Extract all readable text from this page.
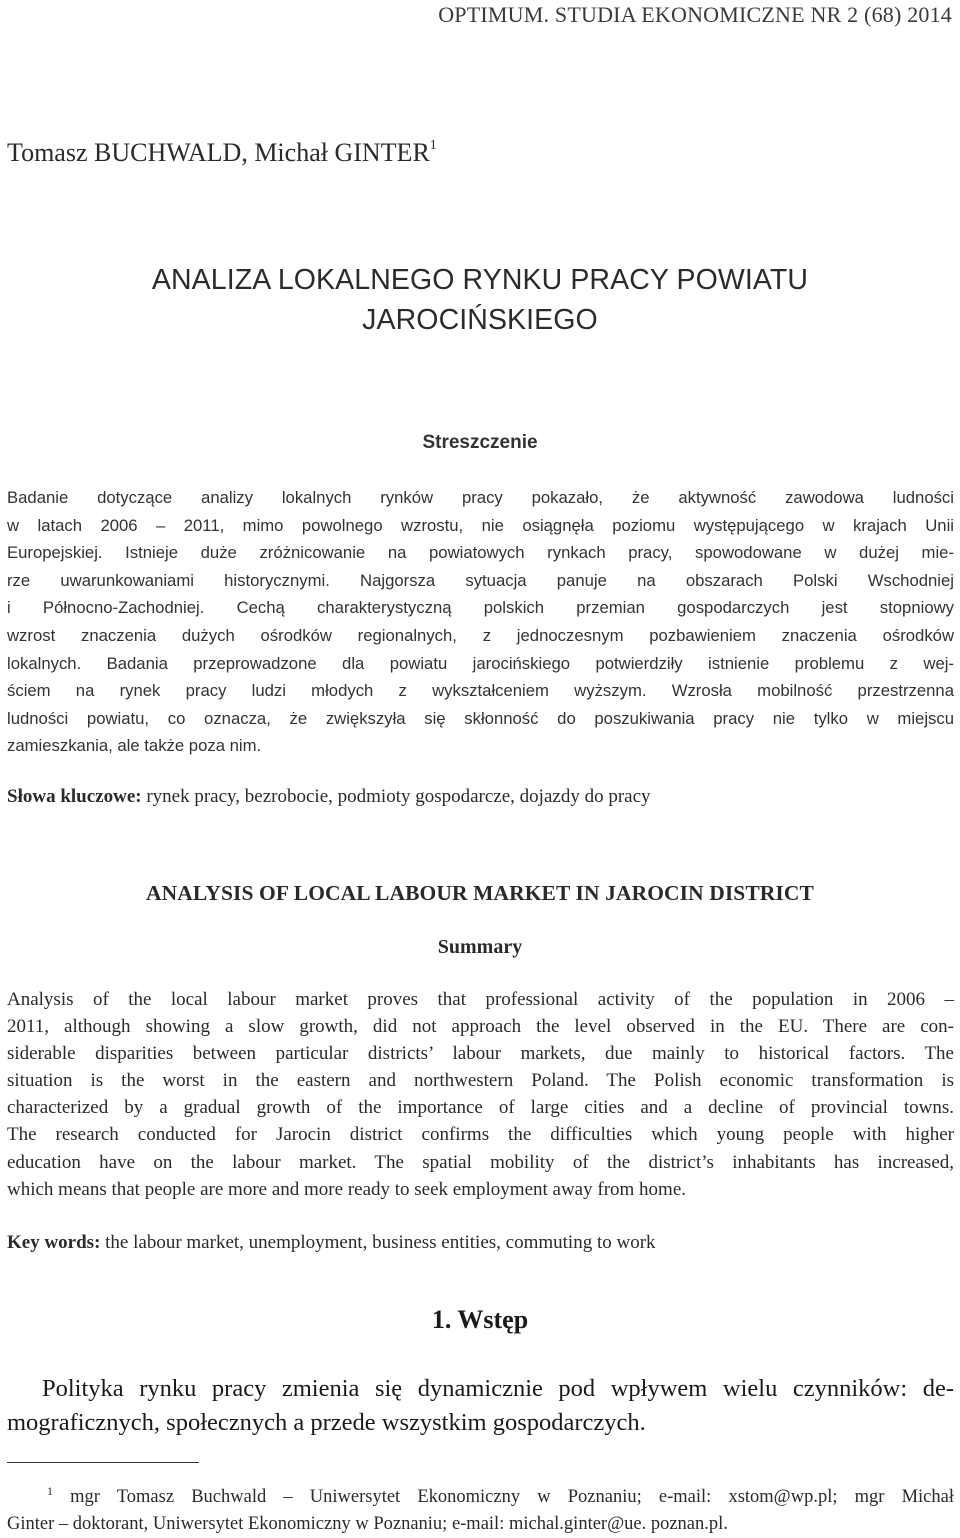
OPTIMUM. STUDIA EKONOMICZNE NR 2 (68) 2014
Tomasz BUCHWALD, Michał GINTER$^1$
ANALIZA LOKALNEGO RYNKU PRACY POWIATU
JAROCIŃSKIEGO
Streszczenie
Badanie dotyczące analizy lokalnych rynków pracy pokazało, że aktywność zawodowa ludności
w latach 2006 – 2011, mimo powolnego wzrostu, nie osiągnęła poziomu występującego w krajach Unii
Europejskiej. Istnieje duże zróżnicowanie na powiatowych rynkach pracy, spowodowane w dużej mie-
rze uwarunkowaniami historycznymi. Najgorsza sytuacja panuje na obszarach Polski Wschodniej
i Północno-Zachodniej. Cechą charakterystyczną polskich przemian gospodarczych jest stopniowy
wzrost znaczenia dużych ośrodków regionalnych, z jednoczesnym pozbawieniem znaczenia ośrodków
lokalnych. Badania przeprowadzone dla powiatu jarocińskiego potwierdziły istnienie problemu z wej-
ściem na rynek pracy ludzi młodych z wykształceniem wyższym. Wzrosła mobilność przestrzenna
ludności powiatu, co oznacza, że zwiększyła się skłonność do poszukiwania pracy nie tylko w miejscu
zamieszkania, ale także poza nim.
Słowa kluczowe: rynek pracy, bezrobocie, podmioty gospodarcze, dojazdy do pracy
ANALYSIS OF LOCAL LABOUR MARKET IN JAROCIN DISTRICT
Summary
Analysis of the local labour market proves that professional activity of the population in 2006 –
2011, although showing a slow growth, did not approach the level observed in the EU. There are con-
siderable disparities between particular districts’ labour markets, due mainly to historical factors. The
situation is the worst in the eastern and northwestern Poland. The Polish economic transformation is
characterized by a gradual growth of the importance of large cities and a decline of provincial towns.
The research conducted for Jarocin district confirms the difficulties which young people with higher
education have on the labour market. The spatial mobility of the district’s inhabitants has increased,
which means that people are more and more ready to seek employment away from home.
Key words: the labour market, unemployment, business entities, commuting to work
1. Wstęp
Polityka rynku pracy zmienia się dynamicznie pod wpływem wielu czynników: de-
mograficznych, społecznych a przede wszystkim gospodarczych.
$^1$ mgr Tomasz Buchwald – Uniwersytet Ekonomiczny w Poznaniu; e-mail: xstom@wp.pl; mgr Michał
Ginter – doktorant, Uniwersytet Ekonomiczny w Poznaniu; e-mail: michal.ginter@ue. poznan.pl.
